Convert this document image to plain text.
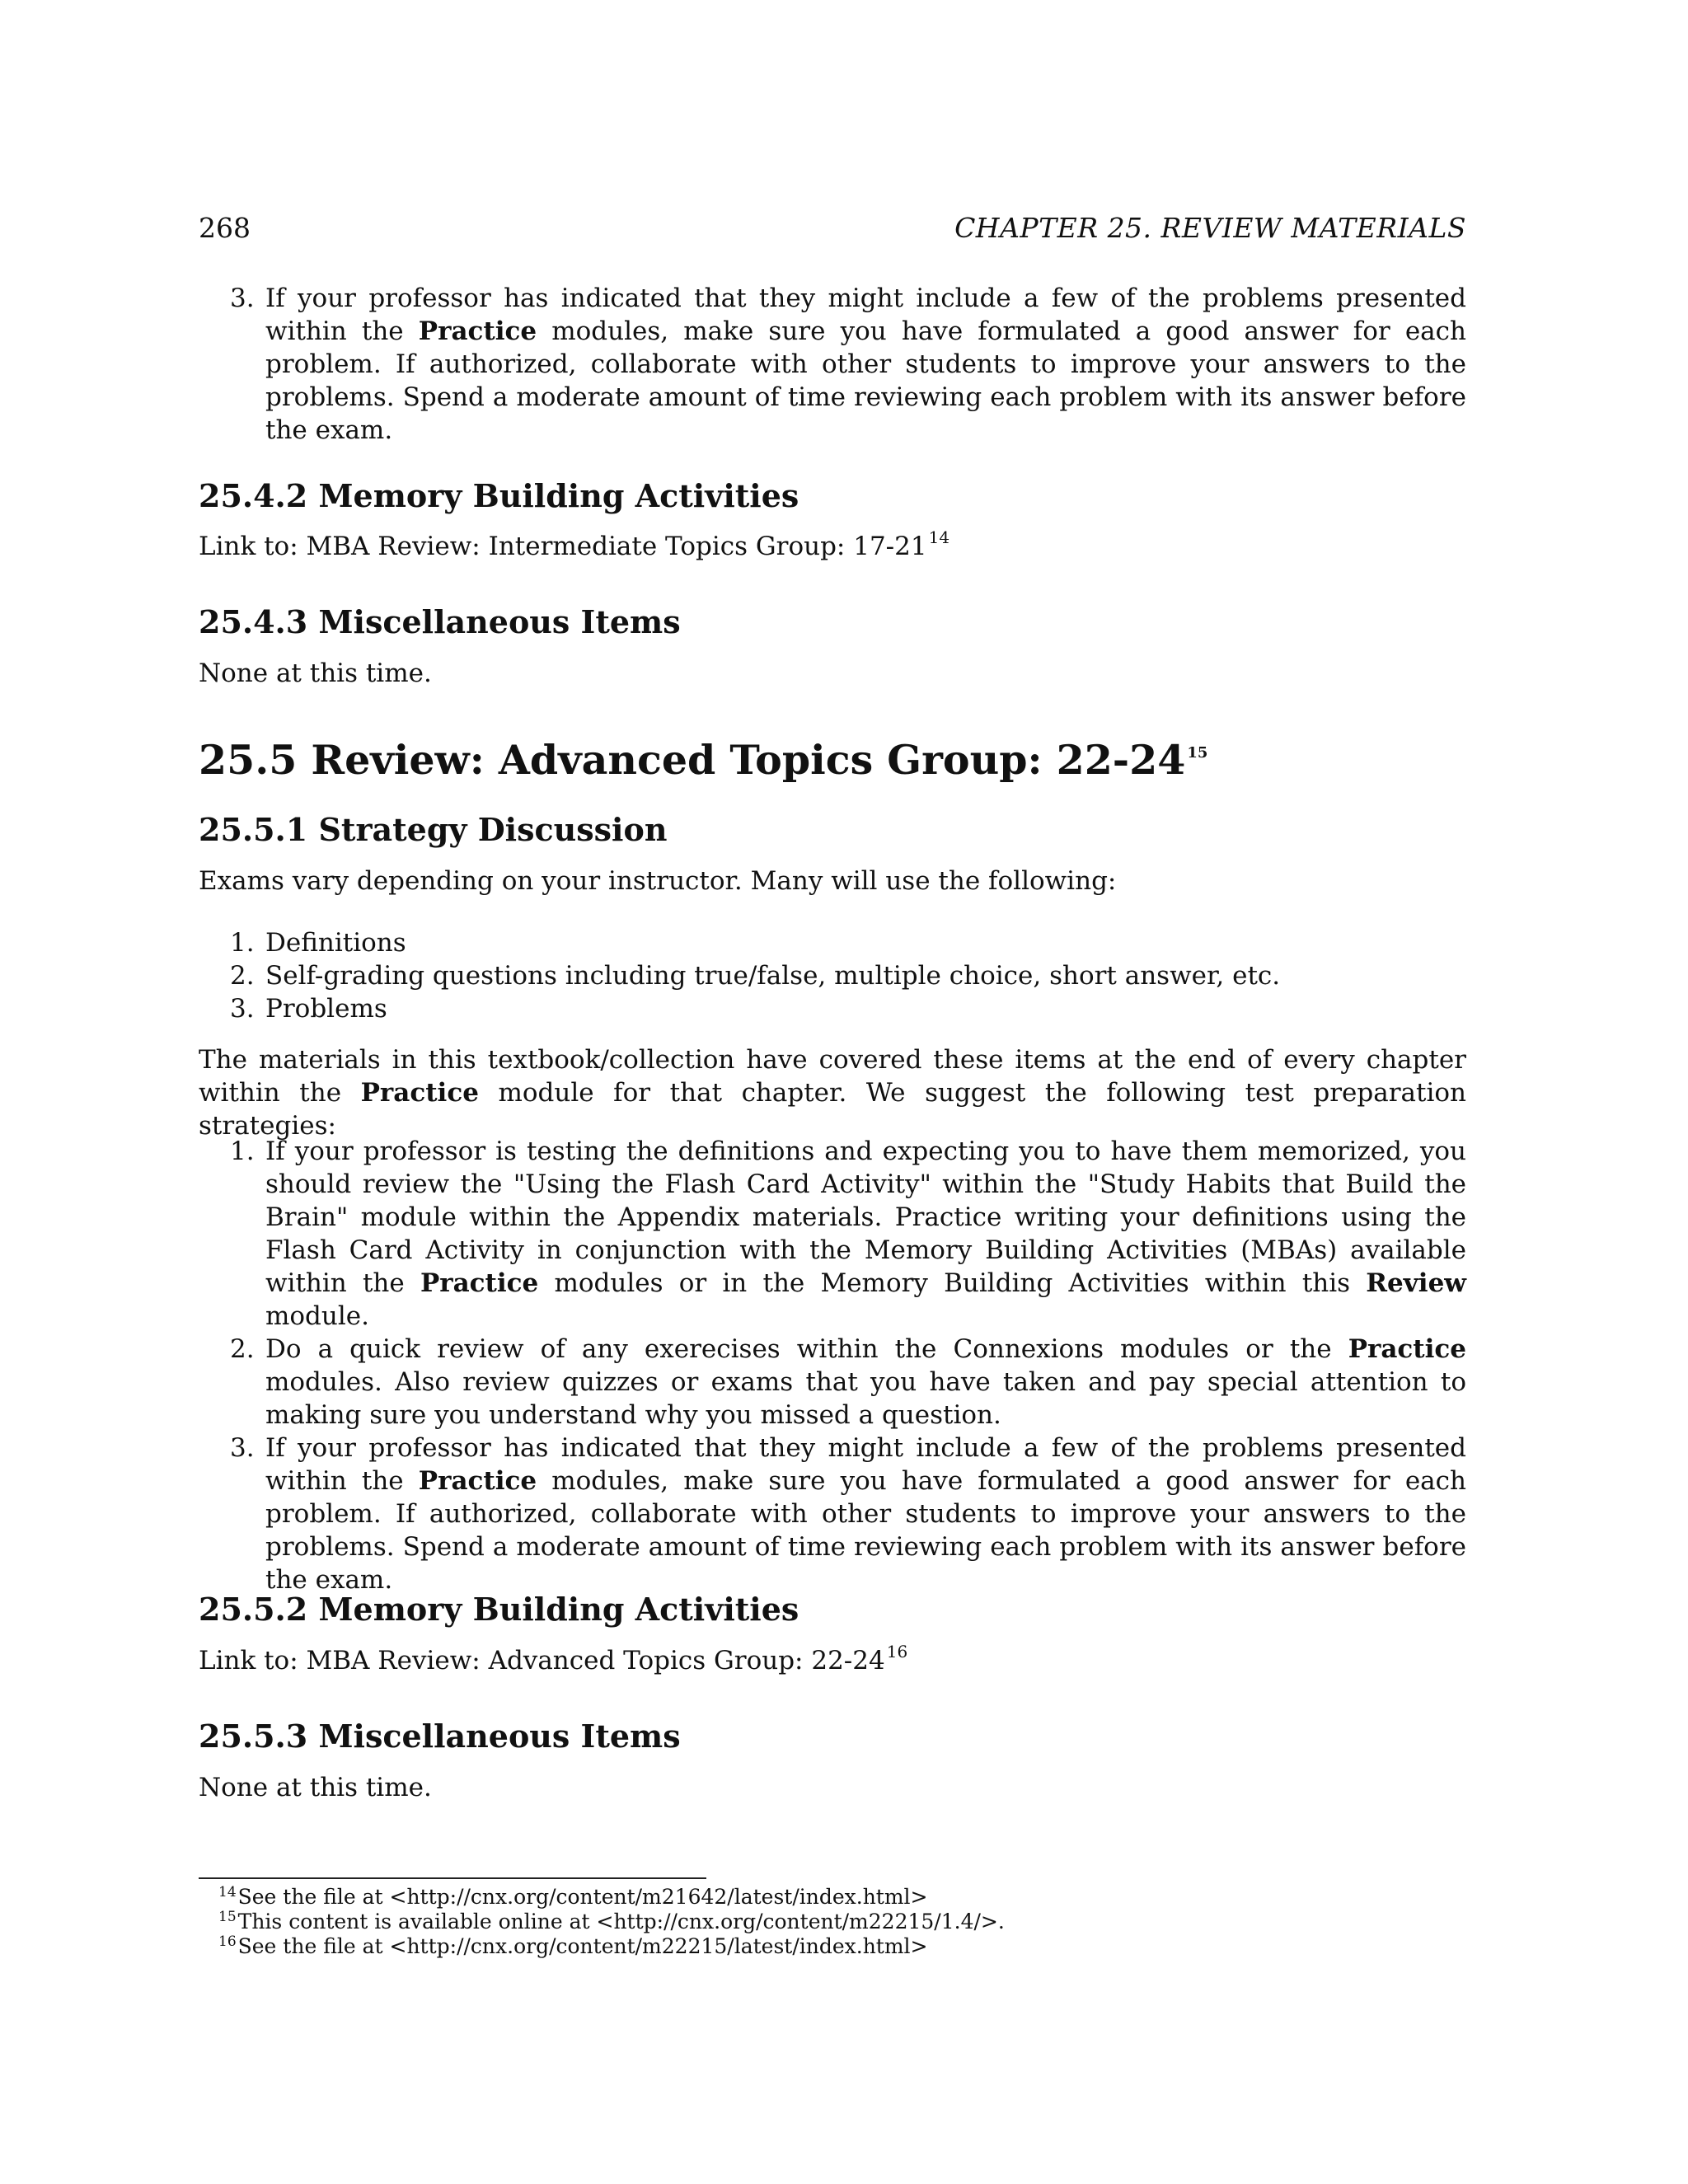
268	CHAPTER 25. REVIEW MATERIALS
3. If your professor has indicated that they might include a few of the problems presented within the Practice modules, make sure you have formulated a good answer for each problem. If authorized, collaborate with other students to improve your answers to the problems. Spend a moderate amount of time reviewing each problem with its answer before the exam.
25.4.2 Memory Building Activities

Link to: MBA Review: Intermediate Topics Group: 17-21 $^{14}$

25.4.3 Miscellaneous Items

None at this time.

25.5 Review: Advanced Topics Group: 22-24 $^{15}$
25.5.1 Strategy Discussion

Exams vary depending on your instructor. Many will use the following:

1. Definitions
2. Self-grading questions including true/false, multiple choice, short answer, etc.
3. Problems

The materials in this textbook/collection have covered these items at the end of every chapter within the Practice module for that chapter. We suggest the following test preparation strategies:

1. If your professor is testing the definitions and expecting you to have them memorized, you should review the "Using the Flash Card Activity" within the "Study Habits that Build the Brain" module within the Appendix materials. Practice writing your definitions using the Flash Card Activity in conjunction with the Memory Building Activities (MBAs) available within the Practice modules or in the Memory Building Activities within this Review module.
2. Do a quick review of any exerecises within the Connexions modules or the Practice modules. Also review quizzes or exams that you have taken and pay special attention to making sure you understand why you missed a question.
3. If your professor has indicated that they might include a few of the problems presented within the Practice modules, make sure you have formulated a good answer for each problem. If authorized, collaborate with other students to improve your answers to the problems. Spend a moderate amount of time reviewing each problem with its answer before the exam.
25.5.2 Memory Building Activities

Link to: MBA Review: Advanced Topics Group: 22-24 $^{16}$

25.5.3 Miscellaneous Items

None at this time.

$^{14}$See the file at <http://cnx.org/content/m21642/latest/index.html>
$^{15}$This content is available online at <http://cnx.org/content/m22215/1.4/>.
$^{16}$See the file at <http://cnx.org/content/m22215/latest/index.html>
